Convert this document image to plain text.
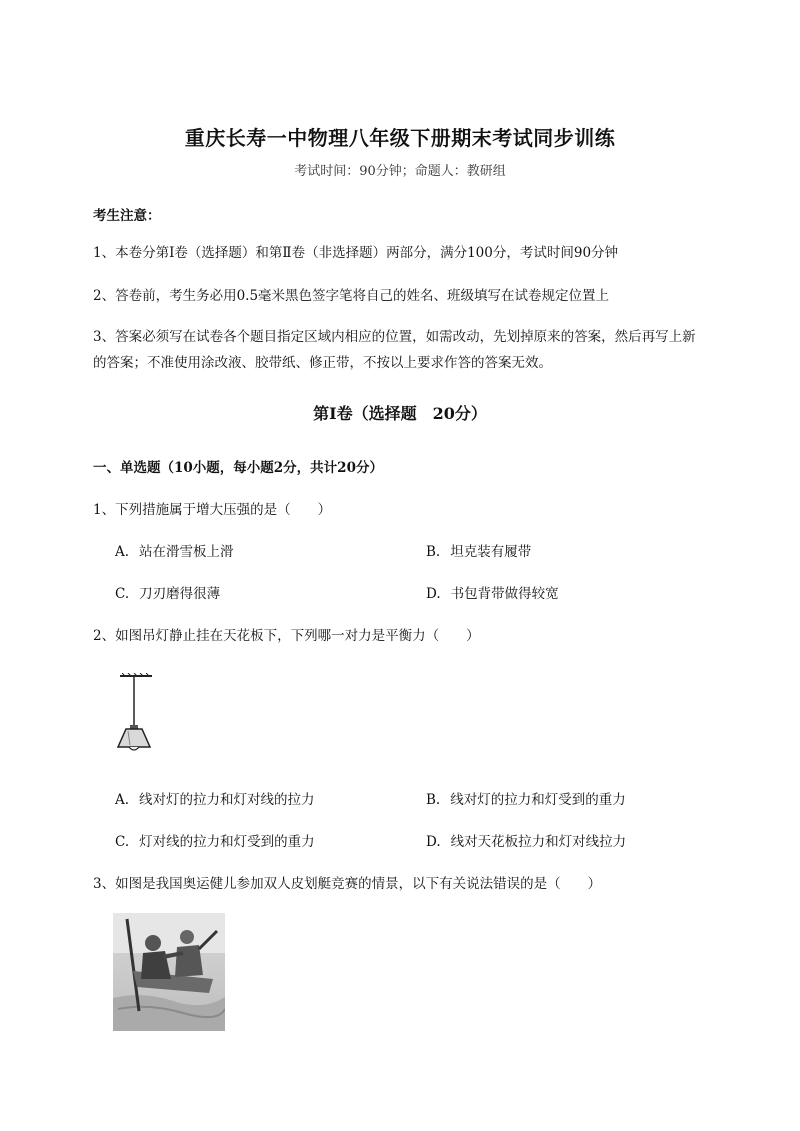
重庆长寿一中物理八年级下册期末考试同步训练
考试时间：90分钟；命题人：教研组
考生注意：
1、本卷分第I卷（选择题）和第Ⅱ卷（非选择题）两部分，满分100分，考试时间90分钟
2、答卷前，考生务必用0.5毫米黑色签字笔将自己的姓名、班级填写在试卷规定位置上
3、答案必须写在试卷各个题目指定区域内相应的位置，如需改动，先划掉原来的答案，然后再写上新
的答案；不准使用涂改液、胶带纸、修正带，不按以上要求作答的答案无效。
第I卷（选择题　20分）
一、单选题（10小题，每小题2分，共计20分）
1、下列措施属于增大压强的是（　　）
A. 站在滑雪板上滑	B. 坦克装有履带
C. 刀刃磨得很薄	D. 书包背带做得较宽
2、如图吊灯静止挂在天花板下，下列哪一对力是平衡力（　　）
A. 线对灯的拉力和灯对线的拉力	B. 线对灯的拉力和灯受到的重力
C. 灯对线的拉力和灯受到的重力	D. 线对天花板拉力和灯对线拉力
3、如图是我国奥运健儿参加双人皮划艇竞赛的情景，以下有关说法错误的是（　　）
